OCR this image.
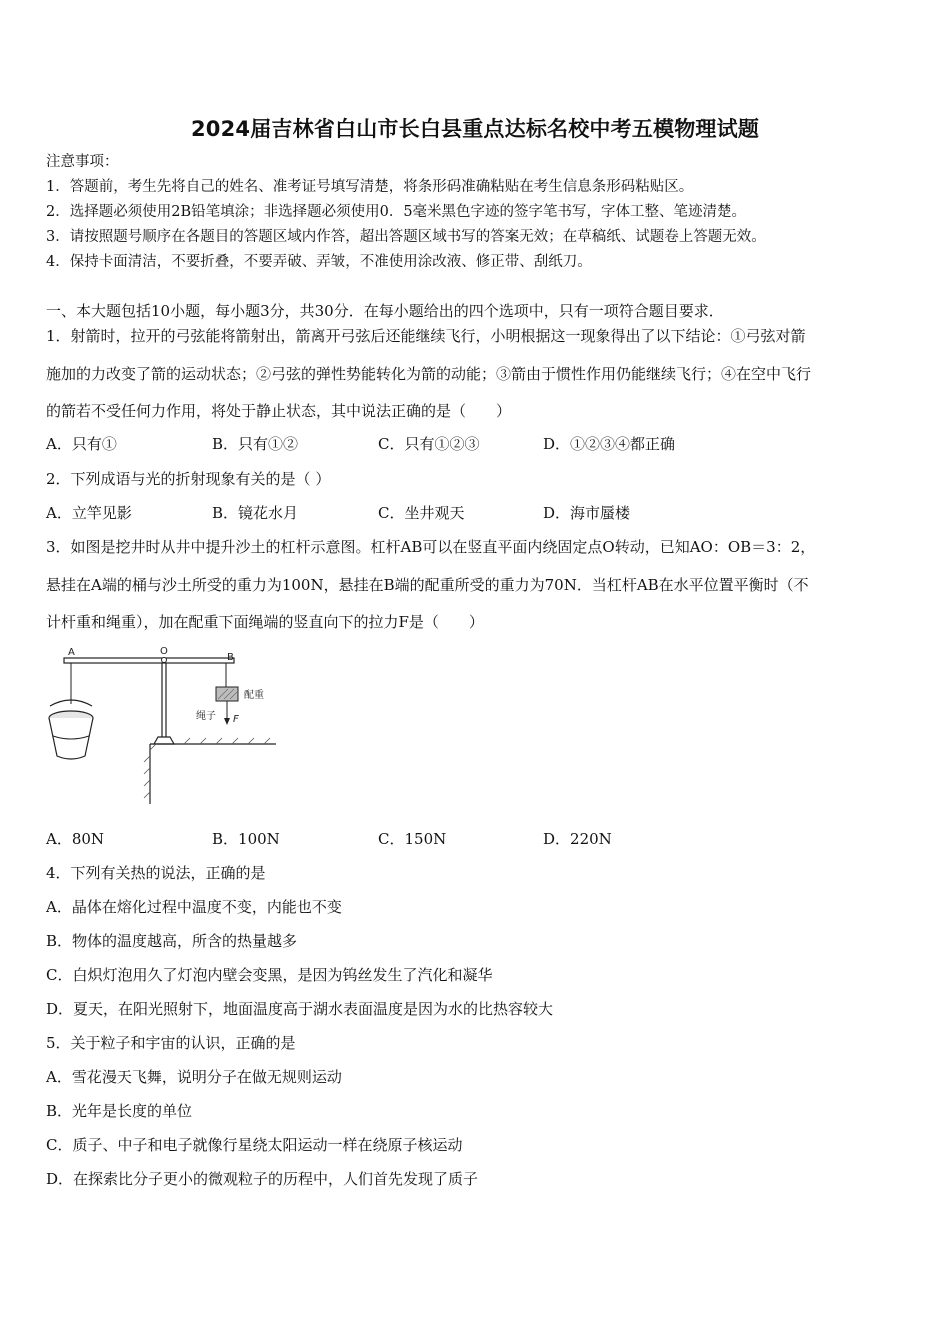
2024届吉林省白山市长白县重点达标名校中考五模物理试题
注意事项：
1．答题前，考生先将自己的姓名、准考证号填写清楚，将条形码准确粘贴在考生信息条形码粘贴区。
2．选择题必须使用2B铅笔填涂；非选择题必须使用0．5毫米黑色字迹的签字笔书写，字体工整、笔迹清楚。
3．请按照题号顺序在各题目的答题区域内作答，超出答题区域书写的答案无效；在草稿纸、试题卷上答题无效。
4．保持卡面清洁，不要折叠，不要弄破、弄皱，不准使用涂改液、修正带、刮纸刀。
一、本大题包括10小题，每小题3分，共30分．在每小题给出的四个选项中，只有一项符合题目要求．
1．射箭时，拉开的弓弦能将箭射出，箭离开弓弦后还能继续飞行，小明根据这一现象得出了以下结论：①弓弦对箭
施加的力改变了箭的运动状态；②弓弦的弹性势能转化为箭的动能；③箭由于惯性作用仍能继续飞行；④在空中飞行
的箭若不受任何力作用，将处于静止状态，其中说法正确的是（　　）
A．只有①	B．只有①②	C．只有①②③	D．①②③④都正确
2．下列成语与光的折射现象有关的是（ ）
A．立竿见影	B．镜花水月	C．坐井观天	D．海市蜃楼
3．如图是挖井时从井中提升沙土的杠杆示意图。杠杆AB可以在竖直平面内绕固定点O转动，已知AO：OB＝3：2，
悬挂在A端的桶与沙土所受的重力为100N，悬挂在B端的配重所受的重力为70N．当杠杆AB在水平位置平衡时（不
计杆重和绳重），加在配重下面绳端的竖直向下的拉力F是（　　）
A	O
B
配重
绳子 F
A．80N	B．100N	C．150N	D．220N
4．下列有关热的说法，正确的是
A．晶体在熔化过程中温度不变，内能也不变
B．物体的温度越高，所含的热量越多
C．白炽灯泡用久了灯泡内壁会变黑，是因为钨丝发生了汽化和凝华
D．夏天，在阳光照射下，地面温度高于湖水表面温度是因为水的比热容较大
5．关于粒子和宇宙的认识，正确的是
A．雪花漫天飞舞，说明分子在做无规则运动
B．光年是长度的单位
C．质子、中子和电子就像行星绕太阳运动一样在绕原子核运动
D．在探索比分子更小的微观粒子的历程中，人们首先发现了质子
